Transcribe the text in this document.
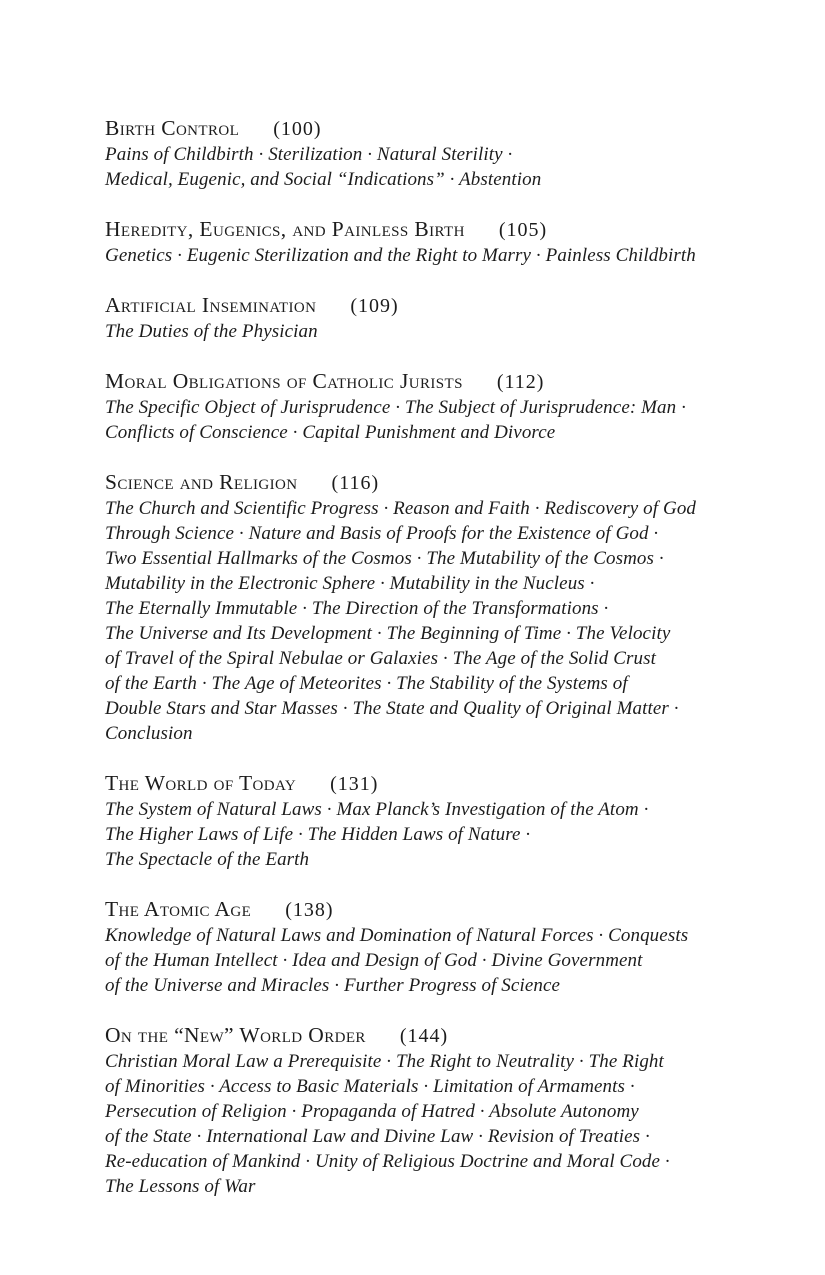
Birth Control (100)
Pains of Childbirth · Sterilization · Natural Sterility ·
Medical, Eugenic, and Social “Indications” · Abstention
Heredity, Eugenics, and Painless Birth (105)
Genetics · Eugenic Sterilization and the Right to Marry · Painless Childbirth
Artificial Insemination (109)
The Duties of the Physician
Moral Obligations of Catholic Jurists (112)
The Specific Object of Jurisprudence · The Subject of Jurisprudence: Man ·
Conflicts of Conscience · Capital Punishment and Divorce
Science and Religion (116)
The Church and Scientific Progress · Reason and Faith · Rediscovery of God
Through Science · Nature and Basis of Proofs for the Existence of God ·
Two Essential Hallmarks of the Cosmos · The Mutability of the Cosmos ·
Mutability in the Electronic Sphere · Mutability in the Nucleus ·
The Eternally Immutable · The Direction of the Transformations ·
The Universe and Its Development · The Beginning of Time · The Velocity
of Travel of the Spiral Nebulae or Galaxies · The Age of the Solid Crust
of the Earth · The Age of Meteorites · The Stability of the Systems of
Double Stars and Star Masses · The State and Quality of Original Matter ·
Conclusion
The World of Today (131)
The System of Natural Laws · Max Planck’s Investigation of the Atom ·
The Higher Laws of Life · The Hidden Laws of Nature ·
The Spectacle of the Earth
The Atomic Age (138)
Knowledge of Natural Laws and Domination of Natural Forces · Conquests
of the Human Intellect · Idea and Design of God · Divine Government
of the Universe and Miracles · Further Progress of Science
On the “New” World Order (144)
Christian Moral Law a Prerequisite · The Right to Neutrality · The Right
of Minorities · Access to Basic Materials · Limitation of Armaments ·
Persecution of Religion · Propaganda of Hatred · Absolute Autonomy
of the State · International Law and Divine Law · Revision of Treaties ·
Re-education of Mankind · Unity of Religious Doctrine and Moral Code ·
The Lessons of War
